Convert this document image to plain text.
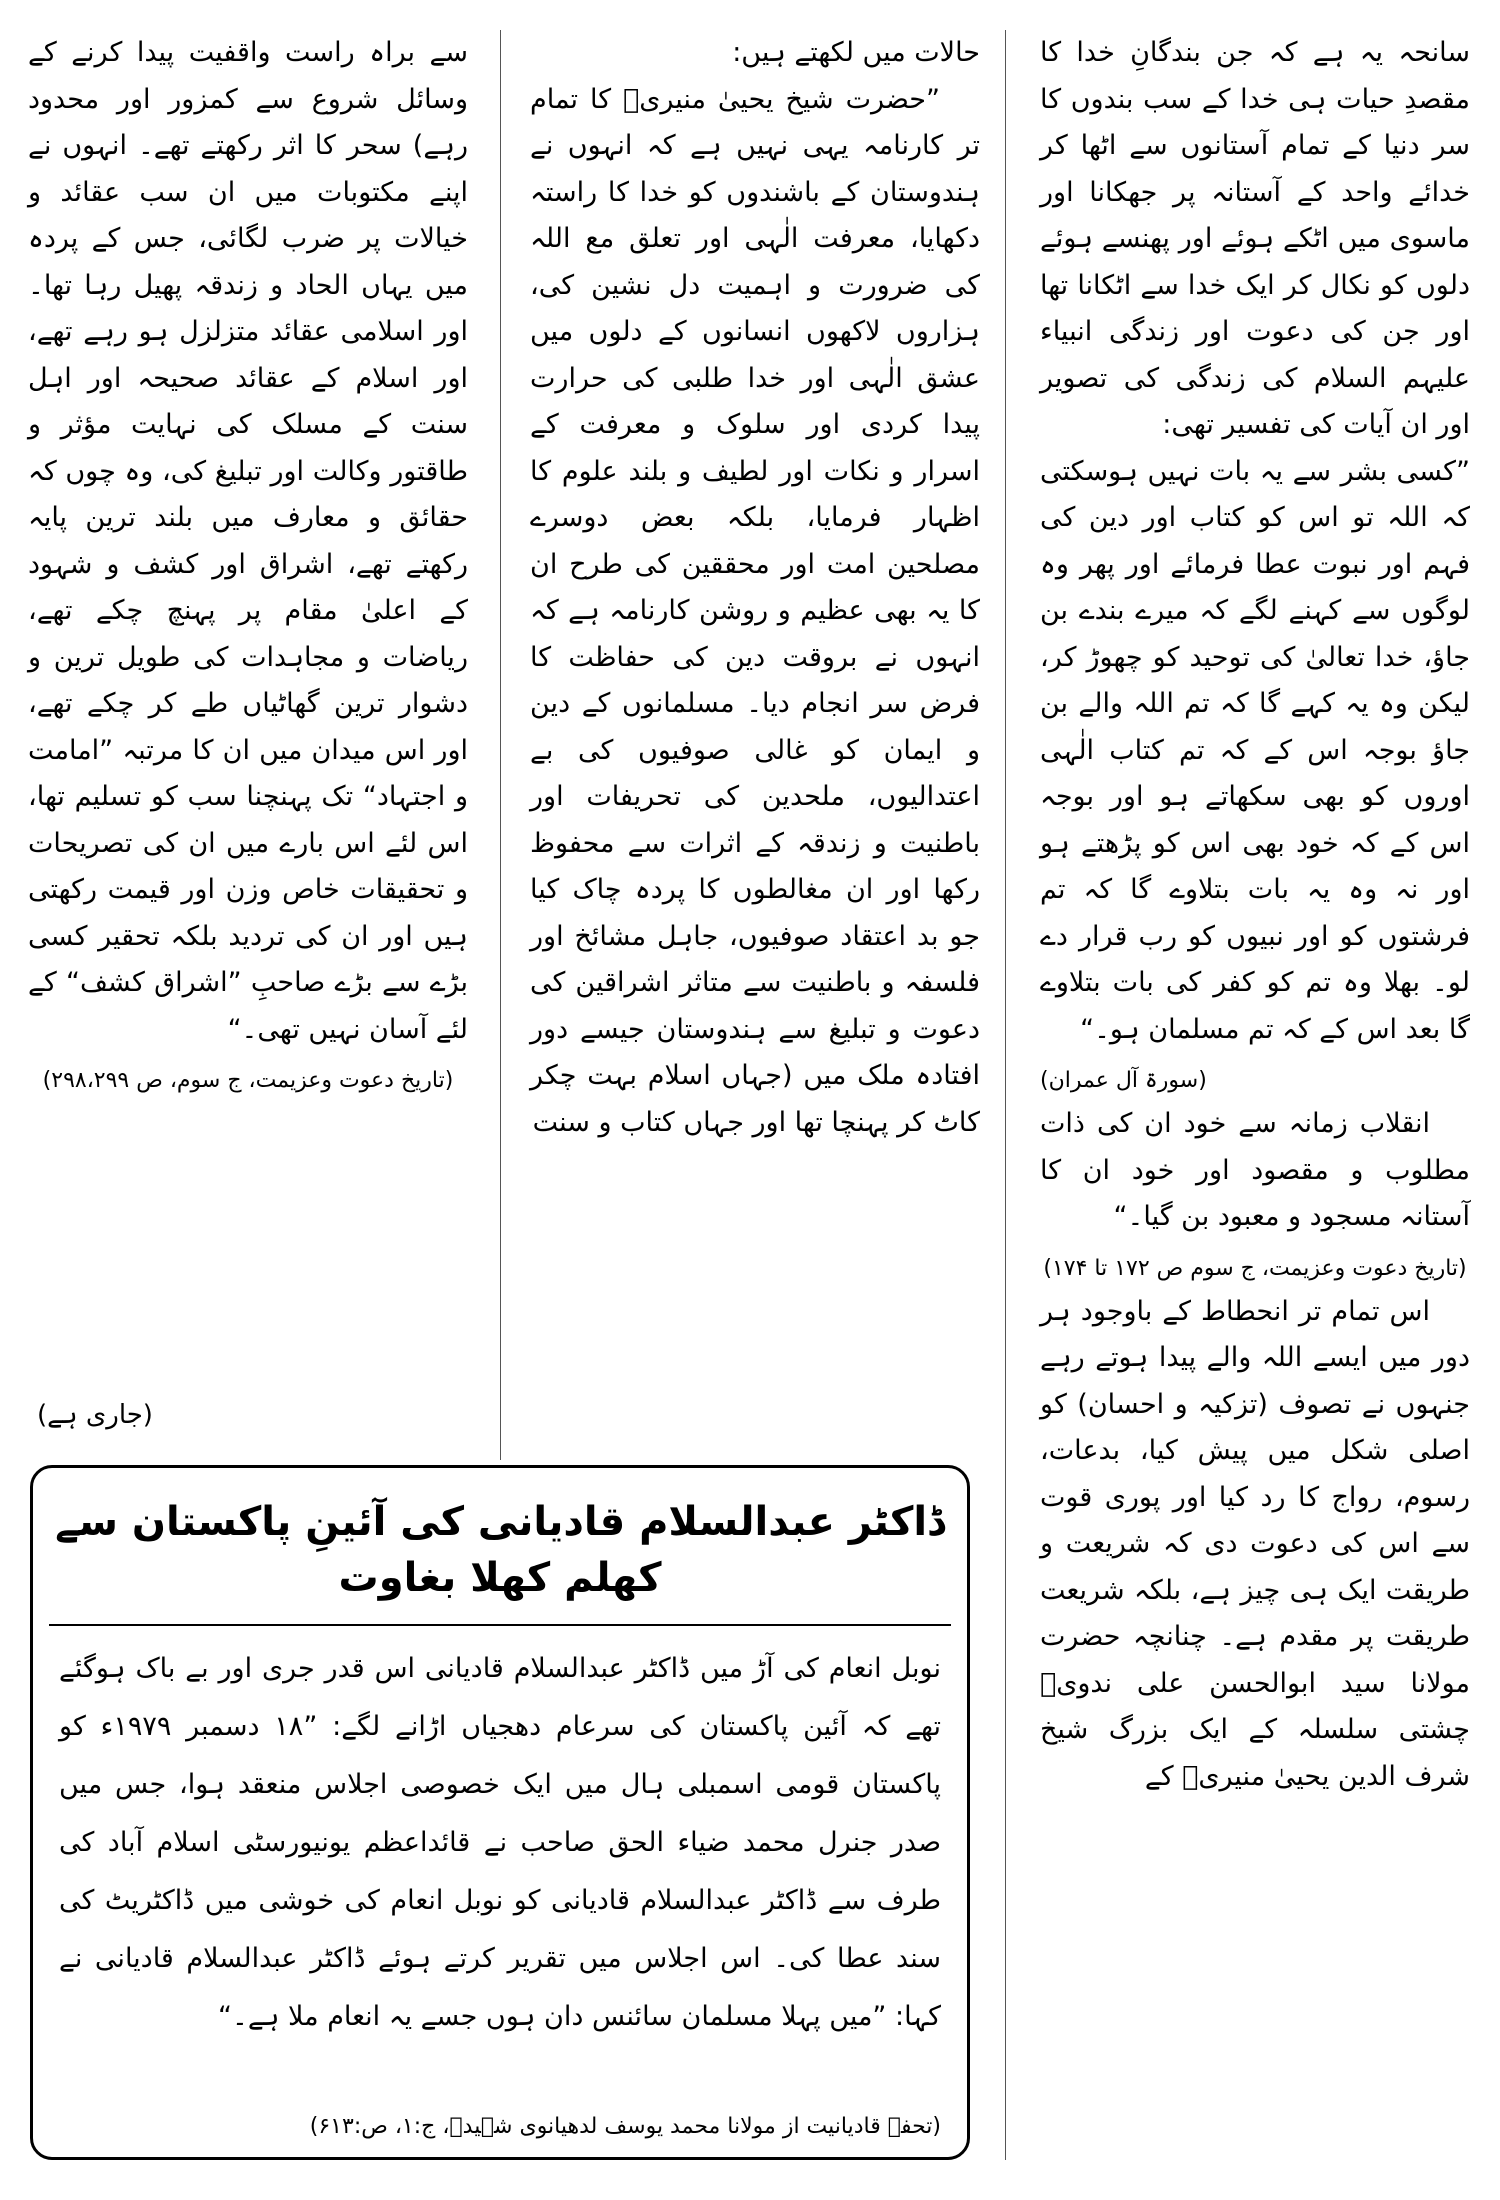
سانحہ یہ ہے کہ جن بندگانِ خدا کا مقصدِ حیات ہی خدا کے سب بندوں کا سر دنیا کے تمام آستانوں سے اٹھا کر خدائے واحد کے آستانہ پر جھکانا اور ماسوی میں اٹکے ہوئے اور پھنسے ہوئے دلوں کو نکال کر ایک خدا سے اٹکانا تھا اور جن کی دعوت اور زندگی انبیاء علیہم السلام کی زندگی کی تصویر اور ان آیات کی تفسیر تھی:

”کسی بشر سے یہ بات نہیں ہوسکتی کہ اللہ تو اس کو کتاب اور دین کی فہم اور نبوت عطا فرمائے اور پھر وہ لوگوں سے کہنے لگے کہ میرے بندے بن جاؤ، خدا تعالیٰ کی توحید کو چھوڑ کر، لیکن وہ یہ کہے گا کہ تم اللہ والے بن جاؤ بوجہ اس کے کہ تم کتاب الٰہی اوروں کو بھی سکھاتے ہو اور بوجہ اس کے کہ خود بھی اس کو پڑھتے ہو اور نہ وہ یہ بات بتلاوے گا کہ تم فرشتوں کو اور نبیوں کو رب قرار دے لو۔ بھلا وہ تم کو کفر کی بات بتلاوے گا بعد اس کے کہ تم مسلمان ہو۔“

(سورۃ آل عمران)

انقلاب زمانہ سے خود ان کی ذات مطلوب و مقصود اور خود ان کا آستانہ مسجود و معبود بن گیا۔“

(تاریخ دعوت وعزیمت، ج سوم ص ۱۷۲ تا ۱۷۴)

اس تمام تر انحطاط کے باوجود ہر دور میں ایسے اللہ والے پیدا ہوتے رہے جنہوں نے تصوف (تزکیہ و احسان) کو اصلی شکل میں پیش کیا، بدعات، رسوم، رواج کا رد کیا اور پوری قوت سے اس کی دعوت دی کہ شریعت و طریقت ایک ہی چیز ہے، بلکہ شریعت طریقت پر مقدم ہے۔ چنانچہ حضرت مولانا سید ابوالحسن علی ندویؒ چشتی سلسلہ کے ایک بزرگ شیخ شرف الدین یحییٰ منیریؒ کے

حالات میں لکھتے ہیں:

”حضرت شیخ یحییٰ منیریؒ کا تمام تر کارنامہ یہی نہیں ہے کہ انہوں نے ہندوستان کے باشندوں کو خدا کا راستہ دکھایا، معرفت الٰہی اور تعلق مع اللہ کی ضرورت و اہمیت دل نشین کی، ہزاروں لاکھوں انسانوں کے دلوں میں عشق الٰہی اور خدا طلبی کی حرارت پیدا کردی اور سلوک و معرفت کے اسرار و نکات اور لطیف و بلند علوم کا اظہار فرمایا، بلکہ بعض دوسرے مصلحین امت اور محققین کی طرح ان کا یہ بھی عظیم و روشن کارنامہ ہے کہ انہوں نے بروقت دین کی حفاظت کا فرض سر انجام دیا۔ مسلمانوں کے دین و ایمان کو غالی صوفیوں کی بے اعتدالیوں، ملحدین کی تحریفات اور باطنیت و زندقہ کے اثرات سے محفوظ رکھا اور ان مغالطوں کا پردہ چاک کیا جو بد اعتقاد صوفیوں، جاہل مشائخ اور فلسفہ و باطنیت سے متاثر اشراقین کی دعوت و تبلیغ سے ہندوستان جیسے دور افتادہ ملک میں (جہاں اسلام بہت چکر کاٹ کر پہنچا تھا اور جہاں کتاب و سنت

سے براہ راست واقفیت پیدا کرنے کے وسائل شروع سے کمزور اور محدود رہے) سحر کا اثر رکھتے تھے۔ انہوں نے اپنے مکتوبات میں ان سب عقائد و خیالات پر ضرب لگائی، جس کے پردہ میں یہاں الحاد و زندقہ پھیل رہا تھا۔ اور اسلامی عقائد متزلزل ہو رہے تھے، اور اسلام کے عقائد صحیحہ اور اہل سنت کے مسلک کی نہایت مؤثر و طاقتور وکالت اور تبلیغ کی، وہ چوں کہ حقائق و معارف میں بلند ترین پایہ رکھتے تھے، اشراق اور کشف و شہود کے اعلیٰ مقام پر پہنچ چکے تھے، ریاضات و مجاہدات کی طویل ترین و دشوار ترین گھاٹیاں طے کر چکے تھے، اور اس میدان میں ان کا مرتبہ ”امامت و اجتہاد“ تک پہنچنا سب کو تسلیم تھا، اس لئے اس بارے میں ان کی تصریحات و تحقیقات خاص وزن اور قیمت رکھتی ہیں اور ان کی تردید بلکہ تحقیر کسی بڑے سے بڑے صاحبِ ”اشراق کشف“ کے لئے آسان نہیں تھی۔“

(تاریخ دعوت وعزیمت، ج سوم، ص ۲۹۸،۲۹۹)

(جاری ہے)
ڈاکٹر عبدالسلام قادیانی کی آئینِ پاکستان سے کھلم کھلا بغاوت
نوبل انعام کی آڑ میں ڈاکٹر عبدالسلام قادیانی اس قدر جری اور بے باک ہوگئے تھے کہ آئین پاکستان کی سرعام دھجیاں اڑانے لگے: ”۱۸ دسمبر ۱۹۷۹ء کو پاکستان قومی اسمبلی ہال میں ایک خصوصی اجلاس منعقد ہوا، جس میں صدر جنرل محمد ضیاء الحق صاحب نے قائداعظم یونیورسٹی اسلام آباد کی طرف سے ڈاکٹر عبدالسلام قادیانی کو نوبل انعام کی خوشی میں ڈاکٹریٹ کی سند عطا کی۔ اس اجلاس میں تقریر کرتے ہوئے ڈاکٹر عبدالسلام قادیانی نے کہا: ”میں پہلا مسلمان سائنس دان ہوں جسے یہ انعام ملا ہے۔“
(تحفۂ قادیانیت از مولانا محمد یوسف لدھیانوی شہیدؒ، ج:۱، ص:۶۱۳)
